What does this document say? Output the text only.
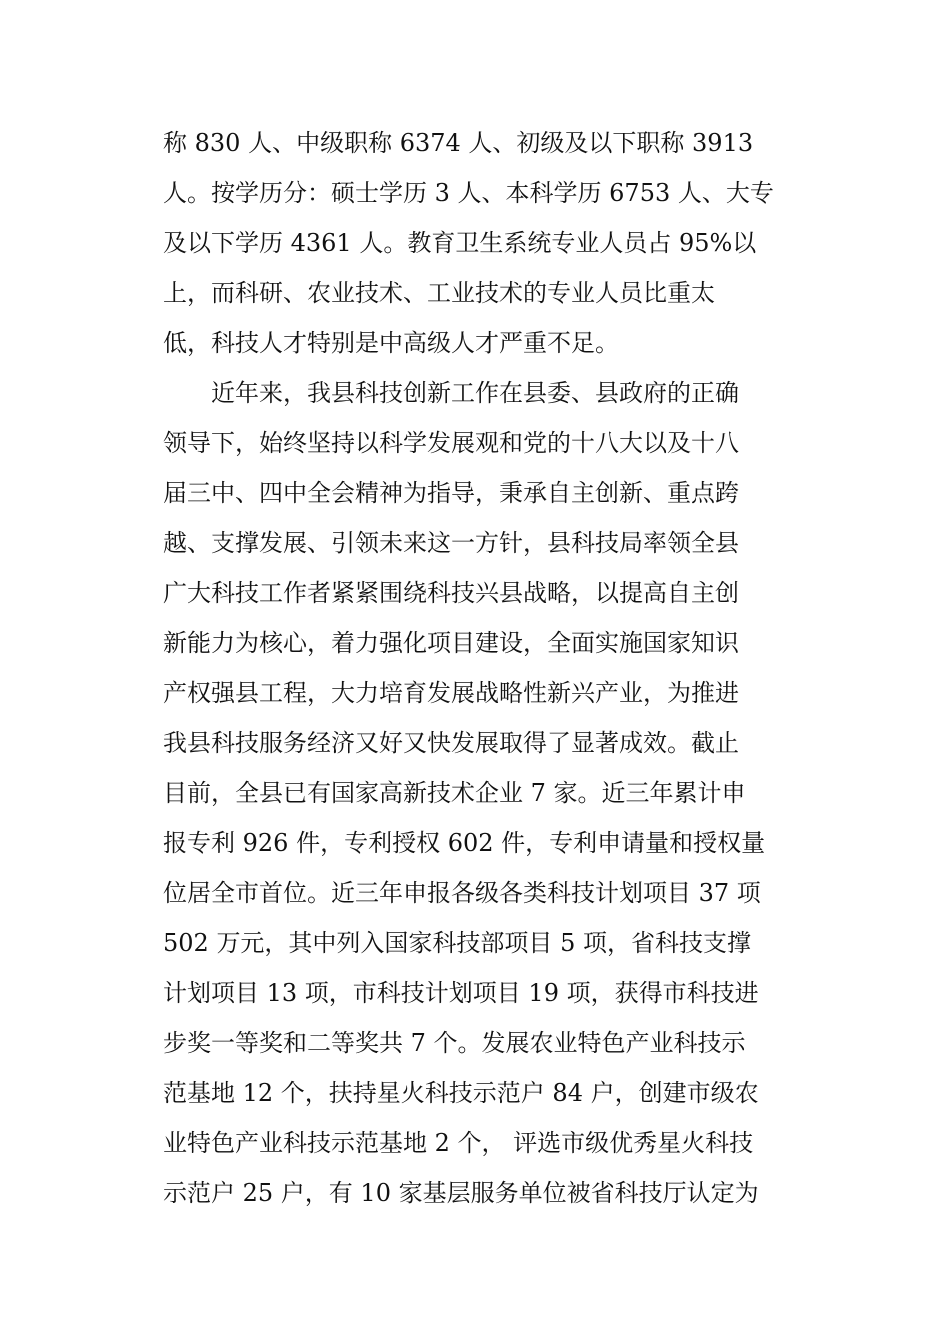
称 830 人、中级职称 6374 人、初级及以下职称 3913
人。按学历分：硕士学历 3 人、本科学历 6753 人、大专
及以下学历 4361 人。教育卫生系统专业人员占 95%以
上，而科研、农业技术、工业技术的专业人员比重太
低，科技人才特别是中高级人才严重不足。
近年来，我县科技创新工作在县委、县政府的正确
领导下，始终坚持以科学发展观和党的十八大以及十八
届三中、四中全会精神为指导，秉承自主创新、重点跨
越、支撑发展、引领未来这一方针，县科技局率领全县
广大科技工作者紧紧围绕科技兴县战略，以提高自主创
新能力为核心，着力强化项目建设，全面实施国家知识
产权强县工程，大力培育发展战略性新兴产业，为推进
我县科技服务经济又好又快发展取得了显著成效。截止
目前，全县已有国家高新技术企业 7 家。近三年累计申
报专利 926 件，专利授权 602 件，专利申请量和授权量
位居全市首位。近三年申报各级各类科技计划项目 37 项
502 万元，其中列入国家科技部项目 5 项，省科技支撑
计划项目 13 项，市科技计划项目 19 项，获得市科技进
步奖一等奖和二等奖共 7 个。发展农业特色产业科技示
范基地 12 个，扶持星火科技示范户 84 户，创建市级农
业特色产业科技示范基地 2 个， 评选市级优秀星火科技
示范户 25 户，有 10 家基层服务单位被省科技厅认定为
